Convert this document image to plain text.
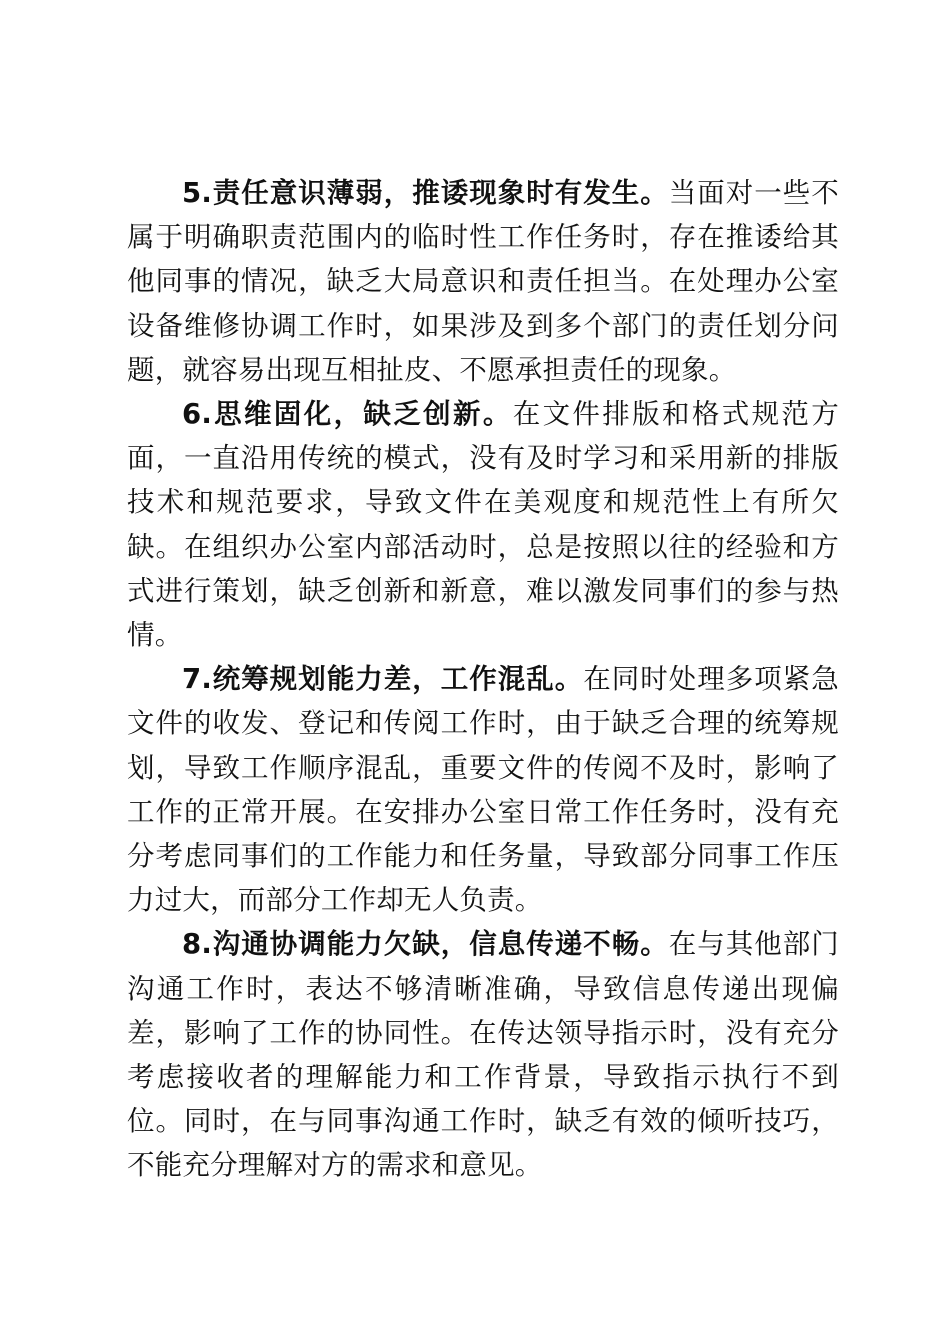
5.责任意识薄弱，推诿现象时有发生。当面对一些不属于明确职责范围内的临时性工作任务时，存在推诿给其他同事的情况，缺乏大局意识和责任担当。在处理办公室设备维修协调工作时，如果涉及到多个部门的责任划分问题，就容易出现互相扯皮、不愿承担责任的现象。

6.思维固化，缺乏创新。在文件排版和格式规范方面，一直沿用传统的模式，没有及时学习和采用新的排版技术和规范要求，导致文件在美观度和规范性上有所欠缺。在组织办公室内部活动时，总是按照以往的经验和方式进行策划，缺乏创新和新意，难以激发同事们的参与热情。

7.统筹规划能力差，工作混乱。在同时处理多项紧急文件的收发、登记和传阅工作时，由于缺乏合理的统筹规划，导致工作顺序混乱，重要文件的传阅不及时，影响了工作的正常开展。在安排办公室日常工作任务时，没有充分考虑同事们的工作能力和任务量，导致部分同事工作压力过大，而部分工作却无人负责。

8.沟通协调能力欠缺，信息传递不畅。在与其他部门沟通工作时，表达不够清晰准确，导致信息传递出现偏差，影响了工作的协同性。在传达领导指示时，没有充分考虑接收者的理解能力和工作背景，导致指示执行不到位。同时，在与同事沟通工作时，缺乏有效的倾听技巧，不能充分理解对方的需求和意见。
